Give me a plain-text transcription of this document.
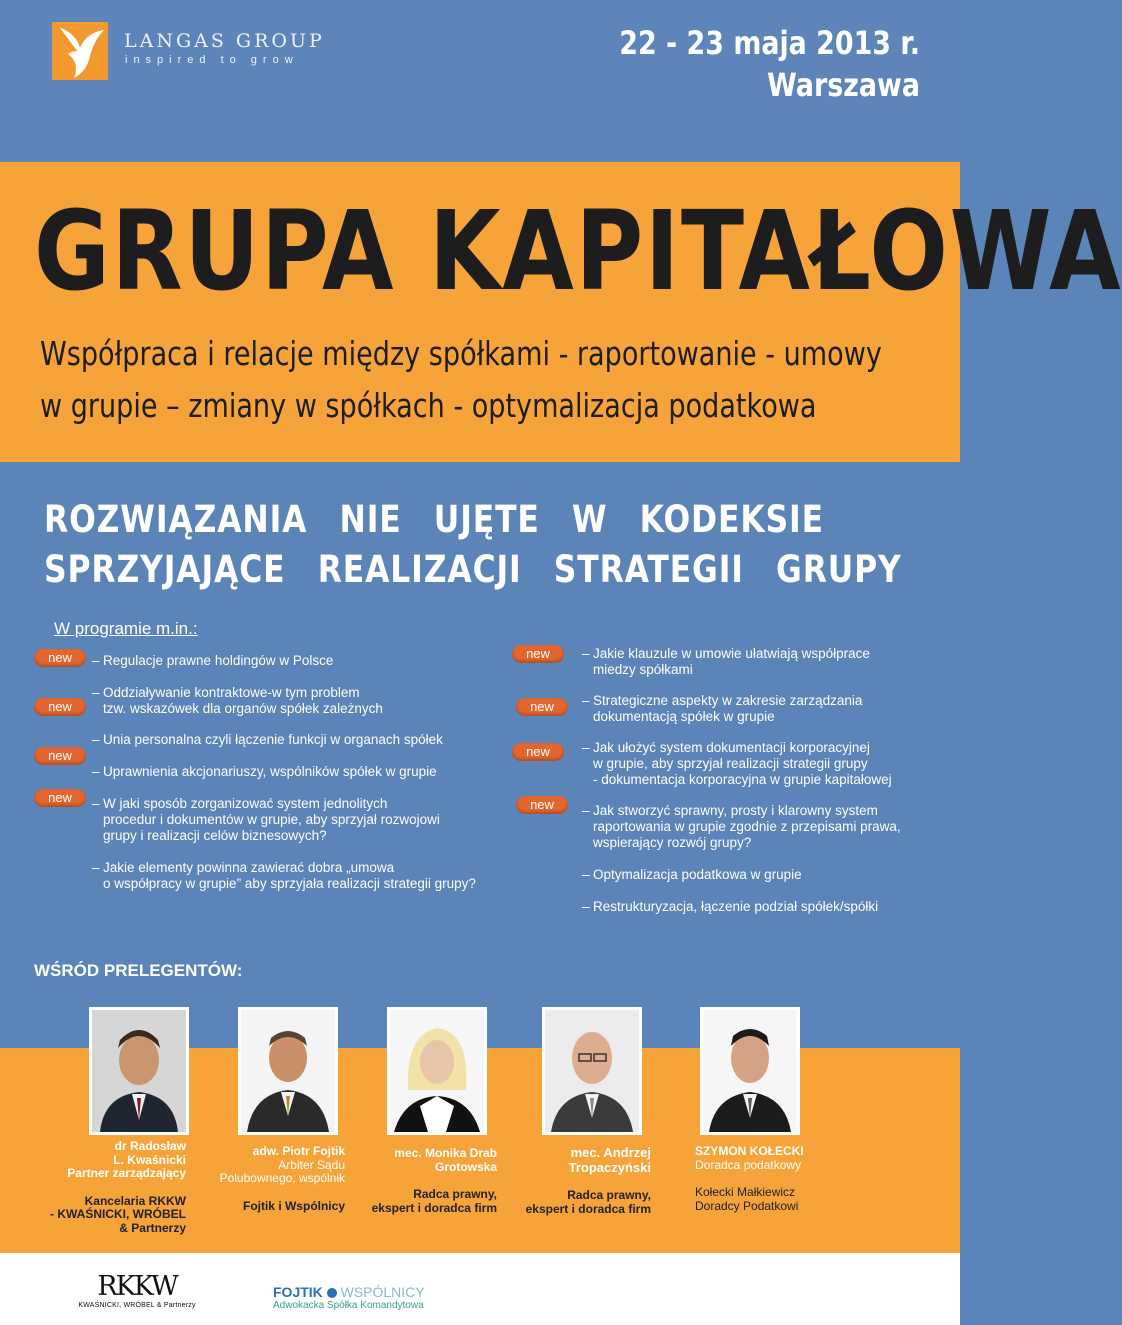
LANGAS GROUP
inspired to grow	22 - 23 maja 2013 r.
Warszawa
GRUPA KAPITAŁOWA
Współpraca i relacje między spółkami - raportowanie - umowy
w grupie – zmiany w spółkach - optymalizacja podatkowa
ROZWIĄZANIA NIE UJĘTE W KODEKSIE
SPRZYJAJĄCE REALIZACJI STRATEGII GRUPY
W programie m.in.:
new
new
new
new
new
new
new
new
– Regulacje prawne holdingów w Polsce
– Oddziaływanie kontraktowe-w tym problem
tzw. wskazówek dla organów spółek zależnych
– Unia personalna czyli łączenie funkcji w organach spółek
– Uprawnienia akcjonariuszy, wspólników spółek w grupie
– W jaki sposób zorganizować system jednolitych
procedur i dokumentów w grupie, aby sprzyjał rozwojowi
grupy i realizacji celów biznesowych?
– Jakie elementy powinna zawierać dobra „umowa
o współpracy w grupie” aby sprzyjała realizacji strategii grupy?
– Jakie klauzule w umowie ułatwiają współprace
miedzy spółkami
– Strategiczne aspekty w zakresie zarządzania
dokumentacją spółek w grupie
– Jak ułożyć system dokumentacji korporacyjnej
w grupie, aby sprzyjał realizacji strategii grupy
- dokumentacja korporacyjna w grupie kapitałowej
– Jak stworzyć sprawny, prosty i klarowny system
raportowania w grupie zgodnie z przepisami prawa,
wspierający rozwój grupy?
– Optymalizacja podatkowa w grupie
– Restrukturyzacja, łączenie podział spółek/spółki
WŚRÓD PRELEGENTÓW:
dr Radosław
L. Kwaśnicki
Partner zarządzający
Kancelaria RKKW
- KWAŚNICKI, WRÓBEL
& Partnerzy
adw. Piotr Fojtik
Arbiter Sądu
Polubownego, wspólnik
Fojtik i Wspólnicy
mec. Monika Drab
Grotowska
Radca prawny,
ekspert i doradca firm
mec. Andrzej
Tropaczyński
Radca prawny,
ekspert i doradca firm
SZYMON KOŁECKI
Doradca podatkowy
Kołecki Małkiewicz
Doradcy Podatkowi
RKKW
KWAŚNICKI, WRÓBEL & Partnerzy
FOJTIK WSPÓLNICY
Adwokacka Spółka Komandytowa
